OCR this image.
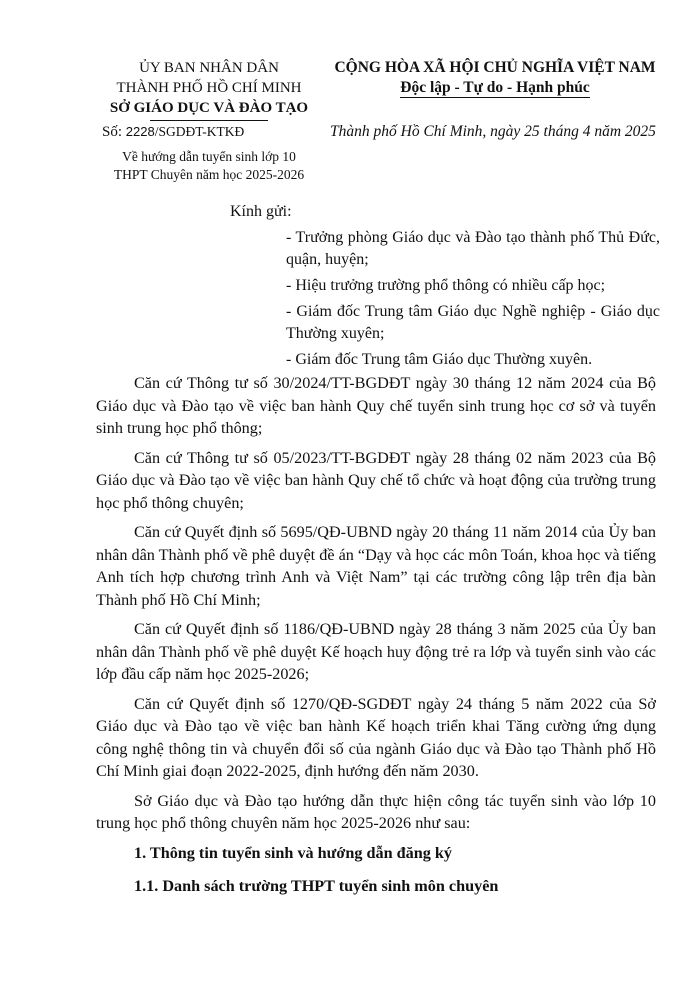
ỦY BAN NHÂN DÂN
THÀNH PHỐ HỒ CHÍ MINH
SỞ GIÁO DỤC VÀ ĐÀO TẠO
CỘNG HÒA XÃ HỘI CHỦ NGHĨA VIỆT NAM
Độc lập - Tự do - Hạnh phúc
Số: 2228/SGDĐT-KTKĐ
Về hướng dẫn tuyển sinh lớp 10
THPT Chuyên năm học 2025-2026
Thành phố Hồ Chí Minh, ngày 25 tháng 4 năm 2025
Kính gửi:
- Trưởng phòng Giáo dục và Đào tạo thành phố Thủ Đức, quận, huyện;
- Hiệu trưởng trường phổ thông có nhiều cấp học;
- Giám đốc Trung tâm Giáo dục Nghề nghiệp - Giáo dục Thường xuyên;
- Giám đốc Trung tâm Giáo dục Thường xuyên.

Căn cứ Thông tư số 30/2024/TT-BGDĐT ngày 30 tháng 12 năm 2024 của Bộ Giáo dục và Đào tạo về việc ban hành Quy chế tuyển sinh trung học cơ sở và tuyển sinh trung học phổ thông;

Căn cứ Thông tư số 05/2023/TT-BGDĐT ngày 28 tháng 02 năm 2023 của Bộ Giáo dục và Đào tạo về việc ban hành Quy chế tổ chức và hoạt động của trường trung học phổ thông chuyên;

Căn cứ Quyết định số 5695/QĐ-UBND ngày 20 tháng 11 năm 2014 của Ủy ban nhân dân Thành phố về phê duyệt đề án “Dạy và học các môn Toán, khoa học và tiếng Anh tích hợp chương trình Anh và Việt Nam” tại các trường công lập trên địa bàn Thành phố Hồ Chí Minh;

Căn cứ Quyết định số 1186/QĐ-UBND ngày 28 tháng 3 năm 2025 của Ủy ban nhân dân Thành phố về phê duyệt Kế hoạch huy động trẻ ra lớp và tuyển sinh vào các lớp đầu cấp năm học 2025-2026;

Căn cứ Quyết định số 1270/QĐ-SGDĐT ngày 24 tháng 5 năm 2022 của Sở Giáo dục và Đào tạo về việc ban hành Kế hoạch triển khai Tăng cường ứng dụng công nghệ thông tin và chuyển đổi số của ngành Giáo dục và Đào tạo Thành phố Hồ Chí Minh giai đoạn 2022-2025, định hướng đến năm 2030.

Sở Giáo dục và Đào tạo hướng dẫn thực hiện công tác tuyển sinh vào lớp 10 trung học phổ thông chuyên năm học 2025-2026 như sau:

1. Thông tin tuyển sinh và hướng dẫn đăng ký
1.1. Danh sách trường THPT tuyển sinh môn chuyên
